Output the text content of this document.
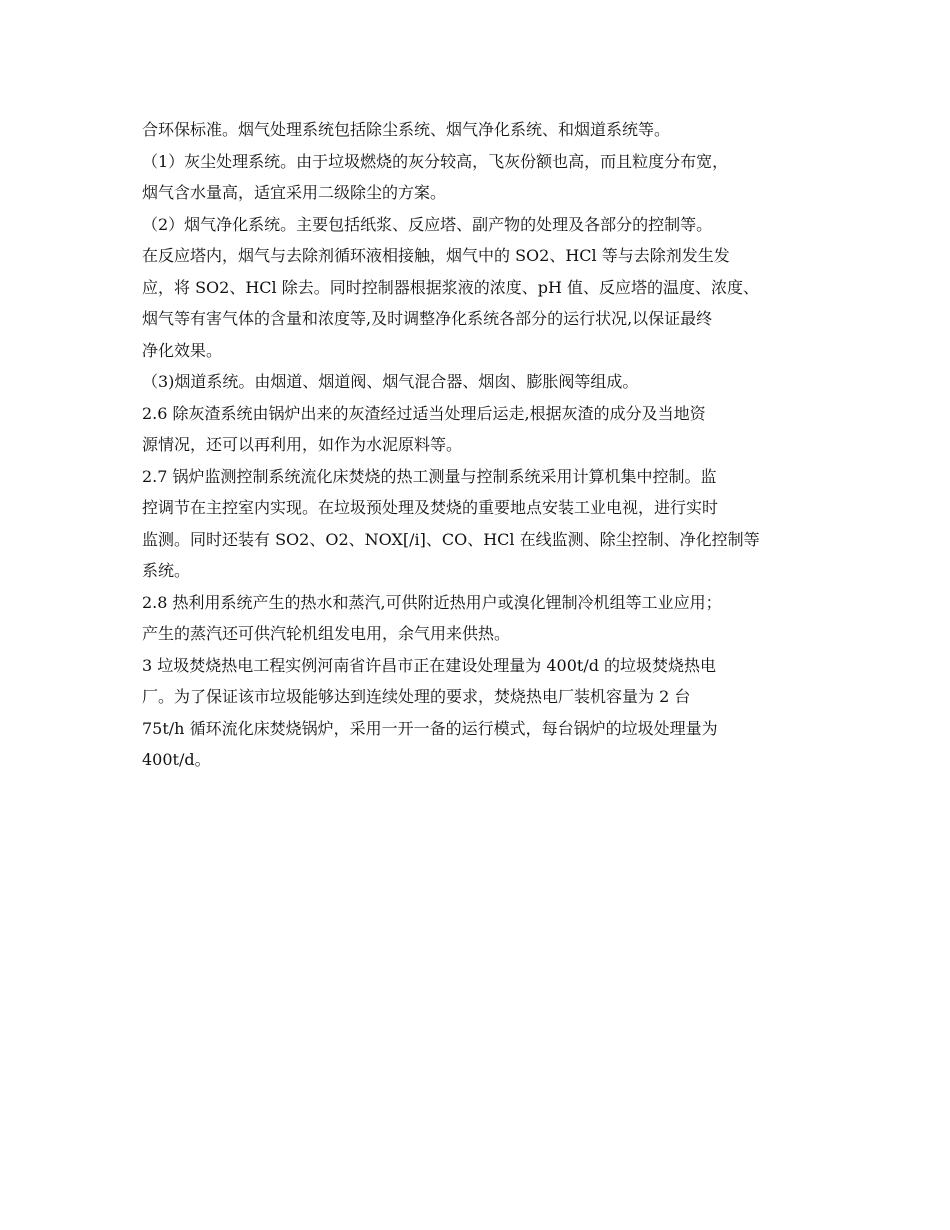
合环保标准。烟气处理系统包括除尘系统、烟气净化系统、和烟道系统等。
（1）灰尘处理系统。由于垃圾燃烧的灰分较高，飞灰份额也高，而且粒度分布宽，
烟气含水量高，适宜采用二级除尘的方案。
（2）烟气净化系统。主要包括纸浆、反应塔、副产物的处理及各部分的控制等。
在反应塔内，烟气与去除剂循环液相接触，烟气中的 SO2、HCl 等与去除剂发生发
应，将 SO2、HCl 除去。同时控制器根据浆液的浓度、pH 值、反应塔的温度、浓度、
烟气等有害气体的含量和浓度等,及时调整净化系统各部分的运行状况,以保证最终
净化效果。
（3)烟道系统。由烟道、烟道阀、烟气混合器、烟囱、膨胀阀等组成。
2.6 除灰渣系统由锅炉出来的灰渣经过适当处理后运走,根据灰渣的成分及当地资
源情况，还可以再利用，如作为水泥原料等。
2.7 锅炉监测控制系统流化床焚烧的热工测量与控制系统采用计算机集中控制。监
控调节在主控室内实现。在垃圾预处理及焚烧的重要地点安装工业电视，进行实时
监测。同时还装有 SO2、O2、NOX[/i]、CO、HCl 在线监测、除尘控制、净化控制等
系统。
2.8 热利用系统产生的热水和蒸汽,可供附近热用户或溴化锂制冷机组等工业应用；
产生的蒸汽还可供汽轮机组发电用，余气用来供热。
3 垃圾焚烧热电工程实例河南省许昌市正在建设处理量为 400t/d 的垃圾焚烧热电
厂。为了保证该市垃圾能够达到连续处理的要求，焚烧热电厂装机容量为 2 台
75t/h 循环流化床焚烧锅炉，采用一开一备的运行模式，每台锅炉的垃圾处理量为
400t/d。
